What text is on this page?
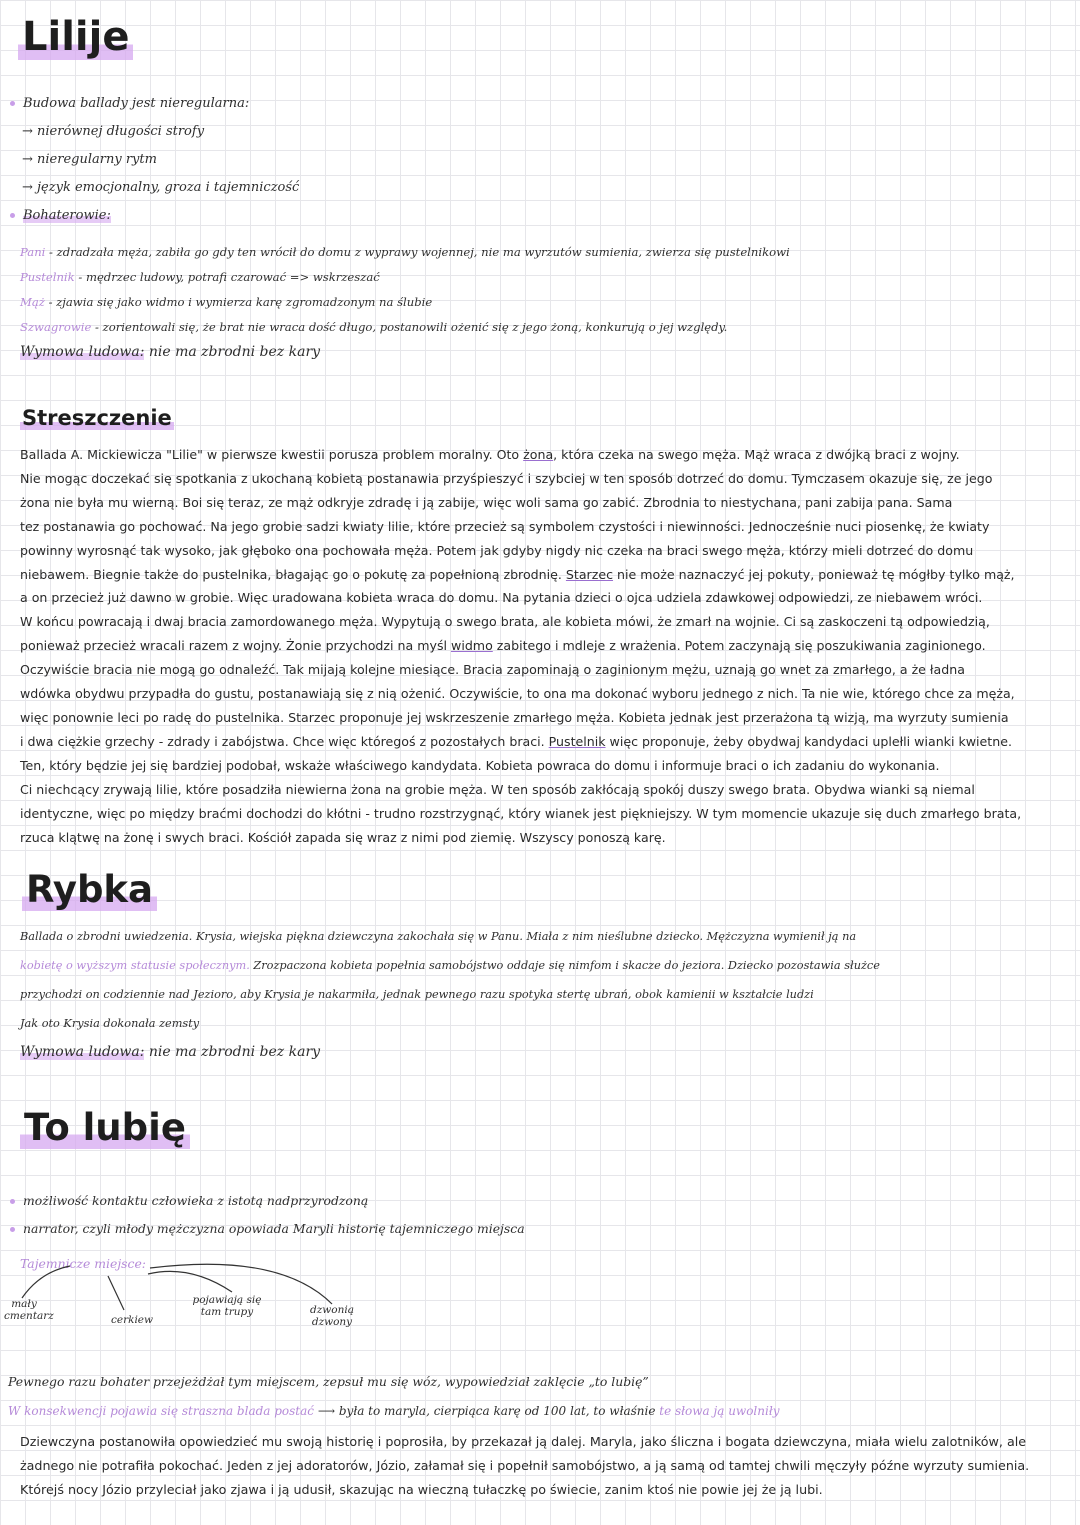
Lilije
Budowa ballady jest nieregularna:
→ nierównej długości strofy
→ nieregularny rytm
→ język emocjonalny, groza i tajemniczość
Bohaterowie:
Pani - zdradzała męża, zabiła go gdy ten wrócił do domu z wyprawy wojennej, nie ma wyrzutów sumienia, zwierza się pustelnikowi
Pustelnik - mędrzec ludowy, potrafi czarować => wskrzeszać
Mąż - zjawia się jako widmo i wymierza karę zgromadzonym na ślubie
Szwagrowie - zorientowali się, że brat nie wraca dość długo, postanowili ożenić się z jego żoną, konkurują o jej względy.
Wymowa ludowa: nie ma zbrodni bez kary
Streszczenie

Ballada A. Mickiewicza "Lilie" w pierwsze kwestii porusza problem moralny. Oto żona, która czeka na swego męża. Mąż wraca z dwójką braci z wojny.

Nie mogąc doczekać się spotkania z ukochaną kobietą postanawia przyśpieszyć i szybciej w ten sposób dotrzeć do domu. Tymczasem okazuje się, ze jego

żona nie była mu wierną. Boi się teraz, ze mąż odkryje zdradę i ją zabije, więc woli sama go zabić. Zbrodnia to niestychana, pani zabija pana. Sama

tez postanawia go pochować. Na jego grobie sadzi kwiaty lilie, które przecież są symbolem czystości i niewinności. Jednocześnie nuci piosenkę, że kwiaty

powinny wyrosnąć tak wysoko, jak głęboko ona pochowała męża. Potem jak gdyby nigdy nic czeka na braci swego męża, którzy mieli dotrzeć do domu

niebawem. Biegnie także do pustelnika, błagając go o pokutę za popełnioną zbrodnię. Starzec nie może naznaczyć jej pokuty, ponieważ tę mógłby tylko mąż,

a on przecież już dawno w grobie. Więc uradowana kobieta wraca do domu. Na pytania dzieci o ojca udziela zdawkowej odpowiedzi, ze niebawem wróci.

W końcu powracają i dwaj bracia zamordowanego męża. Wypytują o swego brata, ale kobieta mówi, że zmarł na wojnie. Ci są zaskoczeni tą odpowiedzią,

ponieważ przecież wracali razem z wojny. Żonie przychodzi na myśl widmo zabitego i mdleje z wrażenia. Potem zaczynają się poszukiwania zaginionego.

Oczywiście bracia nie mogą go odnaleźć. Tak mijają kolejne miesiące. Bracia zapominają o zaginionym mężu, uznają go wnet za zmarłego, a że ładna

wdówka obydwu przypadła do gustu, postanawiają się z nią ożenić. Oczywiście, to ona ma dokonać wyboru jednego z nich. Ta nie wie, którego chce za męża,

więc ponownie leci po radę do pustelnika. Starzec proponuje jej wskrzeszenie zmarłego męża. Kobieta jednak jest przerażona tą wizją, ma wyrzuty sumienia

i dwa ciężkie grzechy - zdrady i zabójstwa. Chce więc któregoś z pozostałych braci. Pustelnik więc proponuje, żeby obydwaj kandydaci uplełli wianki kwietne.

Ten, który będzie jej się bardziej podobał, wskaże właściwego kandydata. Kobieta powraca do domu i informuje braci o ich zadaniu do wykonania.

Ci niechcący zrywają lilie, które posadziła niewierna żona na grobie męża. W ten sposób zakłócają spokój duszy swego brata. Obydwa wianki są niemal

identyczne, więc po między braćmi dochodzi do kłótni - trudno rozstrzygnąć, który wianek jest piękniejszy. W tym momencie ukazuje się duch zmarłego brata,

rzuca klątwę na żonę i swych braci. Kościół zapada się wraz z nimi pod ziemię. Wszyscy ponoszą karę.

Rybka
Ballada o zbrodni uwiedzenia. Krysia, wiejska piękna dziewczyna zakochała się w Panu. Miała z nim nieślubne dziecko. Mężczyzna wymienił ją na
kobietę o wyższym statusie społecznym. Zrozpaczona kobieta popełnia samobójstwo oddaje się nimfom i skacze do jeziora. Dziecko pozostawia służce
przychodzi on codziennie nad Jezioro, aby Krysia je nakarmiła, jednak pewnego razu spotyka stertę ubrań, obok kamienii w kształcie ludzi
Jak oto Krysia dokonała zemsty
Wymowa ludowa: nie ma zbrodni bez kary
To lubię
możliwość kontaktu człowieka z istotą nadprzyrodzoną
narrator, czyli młody mężczyzna opowiada Maryli historię tajemniczego miejsca
Tajemnicze miejsce:
mały cmentarz	cerkiew
pojawiają się tam trupy	dzwonią dzwony
Pewnego razu bohater przejeżdżał tym miejscem, zepsuł mu się wóz, wypowiedział zaklęcie „to lubię”
W konsekwencji pojawia się straszna blada postać ⟶ była to maryla, cierpiąca karę od 100 lat, to właśnie te słowa ją uwolniły
Dziewczyna postanowiła opowiedzieć mu swoją historię i poprosiła, by przekazał ją dalej. Maryla, jako śliczna i bogata dziewczyna, miała wielu zalotników, ale
żadnego nie potrafiła pokochać. Jeden z jej adoratorów, Józio, załamał się i popełnił samobójstwo, a ją samą od tamtej chwili męczyły późne wyrzuty sumienia.
Którejś nocy Józio przyleciał jako zjawa i ją udusił, skazując na wieczną tułaczkę po świecie, zanim ktoś nie powie jej że ją lubi.
